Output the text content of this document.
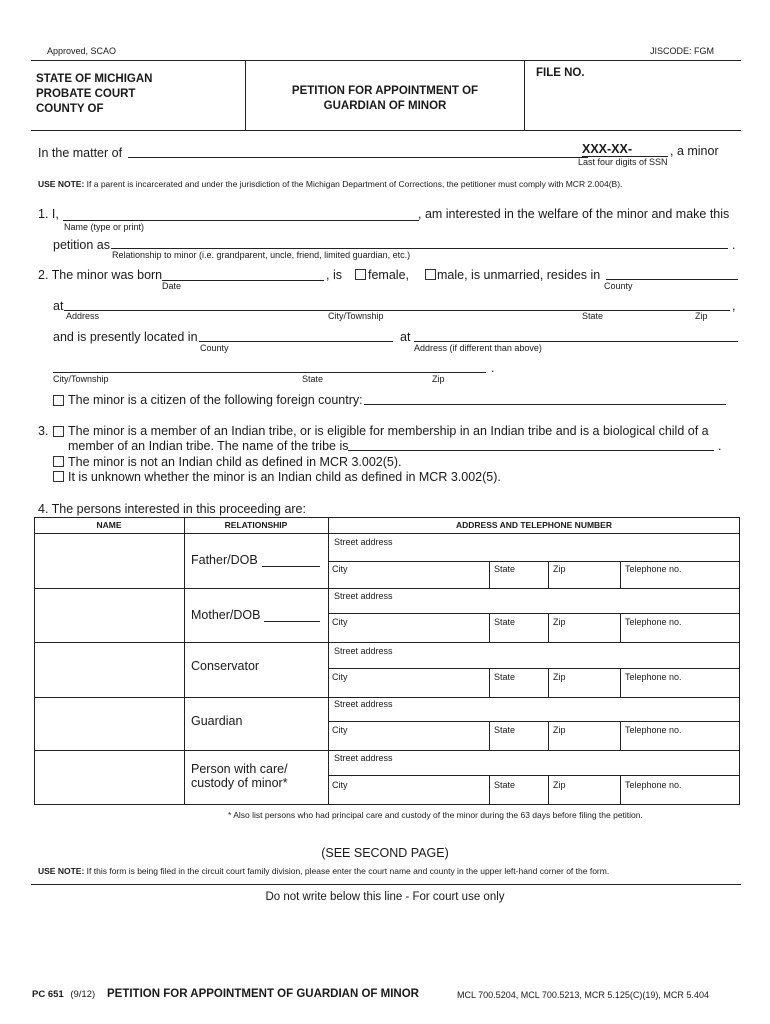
Approved, SCAO	JISCODE: FGM
STATE OF MICHIGAN
PROBATE COURT
COUNTY OF
PETITION FOR APPOINTMENT OF
GUARDIAN OF MINOR
FILE NO.
In the matter of	XXX-XX-	, a minor
Last four digits of SSN
USE NOTE: If a parent is incarcerated and under the jurisdiction of the Michigan Department of Corrections, the petitioner must comply with MCR 2.004(B).
1. I,	, am interested in the welfare of the minor and make this
Name (type or print)
petition as	.
Relationship to minor (i.e. grandparent, uncle, friend, limited guardian, etc.)
2. The minor was born	, is female, male, is unmarried, resides in
Date	County
at	,
Address	City/Township	State	Zip
and is presently located in	at
County	Address (if different than above)
.
City/Township	State	Zip
The minor is a citizen of the following foreign country:
3. The minor is a member of an Indian tribe, or is eligible for membership in an Indian tribe and is a biological child of a
member of an Indian tribe. The name of the tribe is	.
The minor is not an Indian child as defined in MCR 3.002(5).
It is unknown whether the minor is an Indian child as defined in MCR 3.002(5).
4. The persons interested in this proceeding are:
NAME	RELATIONSHIP	ADDRESS AND TELEPHONE NUMBER
Father/DOB
Street address
City	State	Zip	Telephone no.
Mother/DOB
Street address
City	State	Zip	Telephone no.
Conservator
Street address
City	State	Zip	Telephone no.
Guardian
Street address
City	State	Zip	Telephone no.
Person with care/ custody of minor*
Street address
City	State	Zip	Telephone no.
* Also list persons who had principal care and custody of the minor during the 63 days before filing the petition.
(SEE SECOND PAGE)
USE NOTE: If this form is being filed in the circuit court family division, please enter the court name and county in the upper left-hand corner of the form.
Do not write below this line - For court use only
PC 651 (9/12) PETITION FOR APPOINTMENT OF GUARDIAN OF MINOR	MCL 700.5204, MCL 700.5213, MCR 5.125(C)(19), MCR 5.404
